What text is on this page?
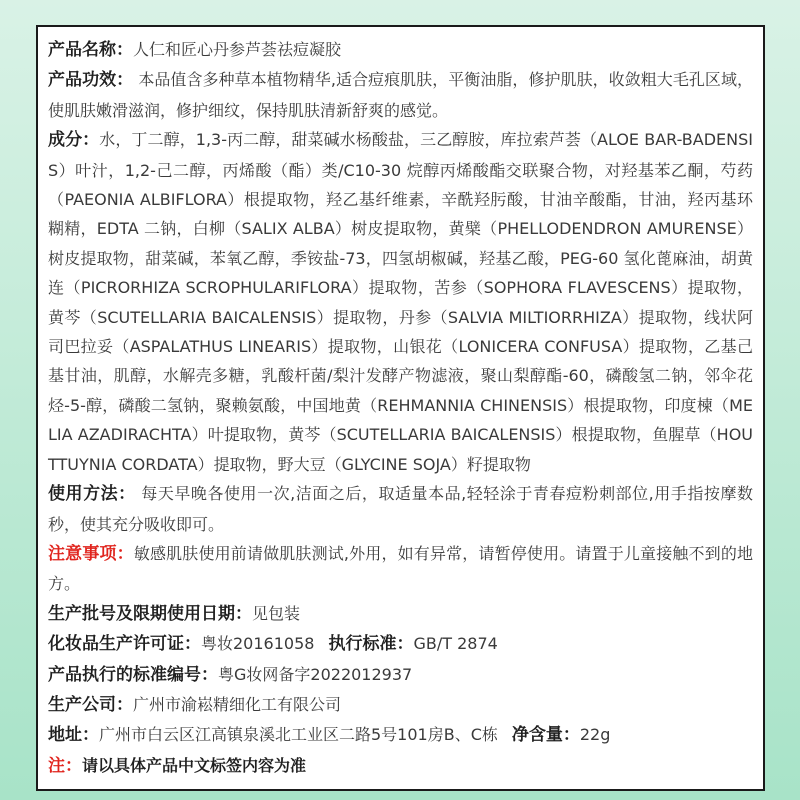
产品名称：人仁和匠心丹参芦荟祛痘凝胶

产品功效： 本品值含多种草本植物精华,适合痘痕肌肤，平衡油脂，修护肌肤，收敛粗大毛孔区域，使肌肤嫩滑滋润，修护细纹，保持肌肤清新舒爽的感觉。

成分：水，丁二醇，1,3-丙二醇，甜菜碱水杨酸盐，三乙醇胺，库拉索芦荟（ALOE BAR-BADENSIS）叶汁，1,2-己二醇，丙烯酸（酯）类/C10-30 烷醇丙烯酸酯交联聚合物，对羟基苯乙酮，芍药（PAEONIA ALBIFLORA）根提取物，羟乙基纤维素，辛酰羟肟酸，甘油辛酸酯，甘油，羟丙基环糊精，EDTA 二钠，白柳（SALIX ALBA）树皮提取物，黄檗（PHELLODENDRON AMURENSE）树皮提取物，甜菜碱，苯氧乙醇，季铵盐-73，四氢胡椒碱，羟基乙酸，PEG-60 氢化蓖麻油，胡黄连（PICRORHIZA SCROPHULARIFLORA）提取物，苦参（SOPHORA FLAVESCENS）提取物，黄芩（SCUTELLARIA BAICALENSIS）提取物，丹参（SALVIA MILTIORRHIZA）提取物，线状阿司巴拉妥（ASPALATHUS LINEARIS）提取物，山银花（LONICERA CONFUSA）提取物，乙基己基甘油，肌醇，水解壳多糖，乳酸杆菌/梨汁发酵产物滤液，聚山梨醇酯-60，磷酸氢二钠，邻伞花烃-5-醇，磷酸二氢钠，聚赖氨酸，中国地黄（REHMANNIA CHINENSIS）根提取物，印度楝（MELIA AZADIRACHTA）叶提取物，黄芩（SCUTELLARIA BAICALENSIS）根提取物，鱼腥草（HOUTTUYNIA CORDATA）提取物，野大豆（GLYCINE SOJA）籽提取物

使用方法： 每天早晚各使用一次,洁面之后，取适量本品,轻轻涂于青春痘粉刺部位,用手指按摩数秒，使其充分吸收即可。

注意事项：敏感肌肤使用前请做肌肤测试,外用，如有异常，请暂停使用。请置于儿童接触不到的地方。

生产批号及限期使用日期：见包装

化妆品生产许可证：粤妆20161058 执行标准：GB/T 2874

产品执行的标准编号：粤G妆网备字2022012937

生产公司：广州市渝崧精细化工有限公司

地址：广州市白云区江高镇泉溪北工业区二路5号101房B、C栋 净含量：22g

注：请以具体产品中文标签内容为准
